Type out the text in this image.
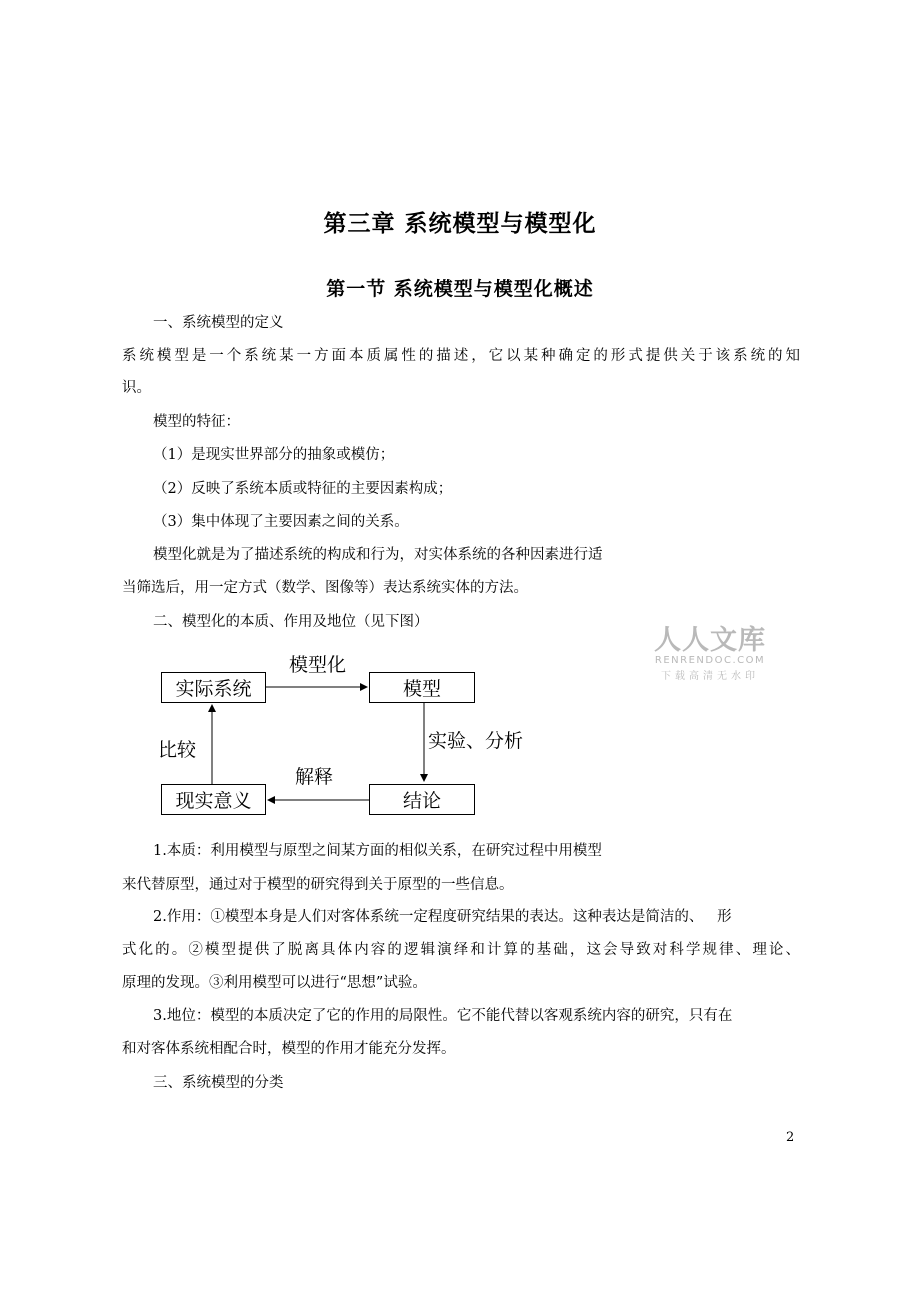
第三章 系统模型与模型化
第一节 系统模型与模型化概述
一、系统模型的定义
系统模型是一个系统某一方面本质属性的描述，它以某种确定的形式提供关于该系统的知
识。
模型的特征：
（1）是现实世界部分的抽象或模仿；
（2）反映了系统本质或特征的主要因素构成；
（3）集中体现了主要因素之间的关系。
模型化就是为了描述系统的构成和行为，对实体系统的各种因素进行适
当筛选后，用一定方式（数学、图像等）表达系统实体的方法。
二、模型化的本质、作用及地位（见下图）
人人文库
RENRENDOC.COM
下载高清无水印
实际系统	模型
现实意义	结论
模型化
实验、分析
解释
比较
1.本质：利用模型与原型之间某方面的相似关系，在研究过程中用模型
来代替原型，通过对于模型的研究得到关于原型的一些信息。
2.作用：①模型本身是人们对客体系统一定程度研究结果的表达。这种表达是简洁的、   形
式化的。②模型提供了脱离具体内容的逻辑演绎和计算的基础，这会导致对科学规律、理论、
原理的发现。③利用模型可以进行“思想”试验。
3.地位：模型的本质决定了它的作用的局限性。它不能代替以客观系统内容的研究，只有在
和对客体系统相配合时，模型的作用才能充分发挥。
三、系统模型的分类
2
